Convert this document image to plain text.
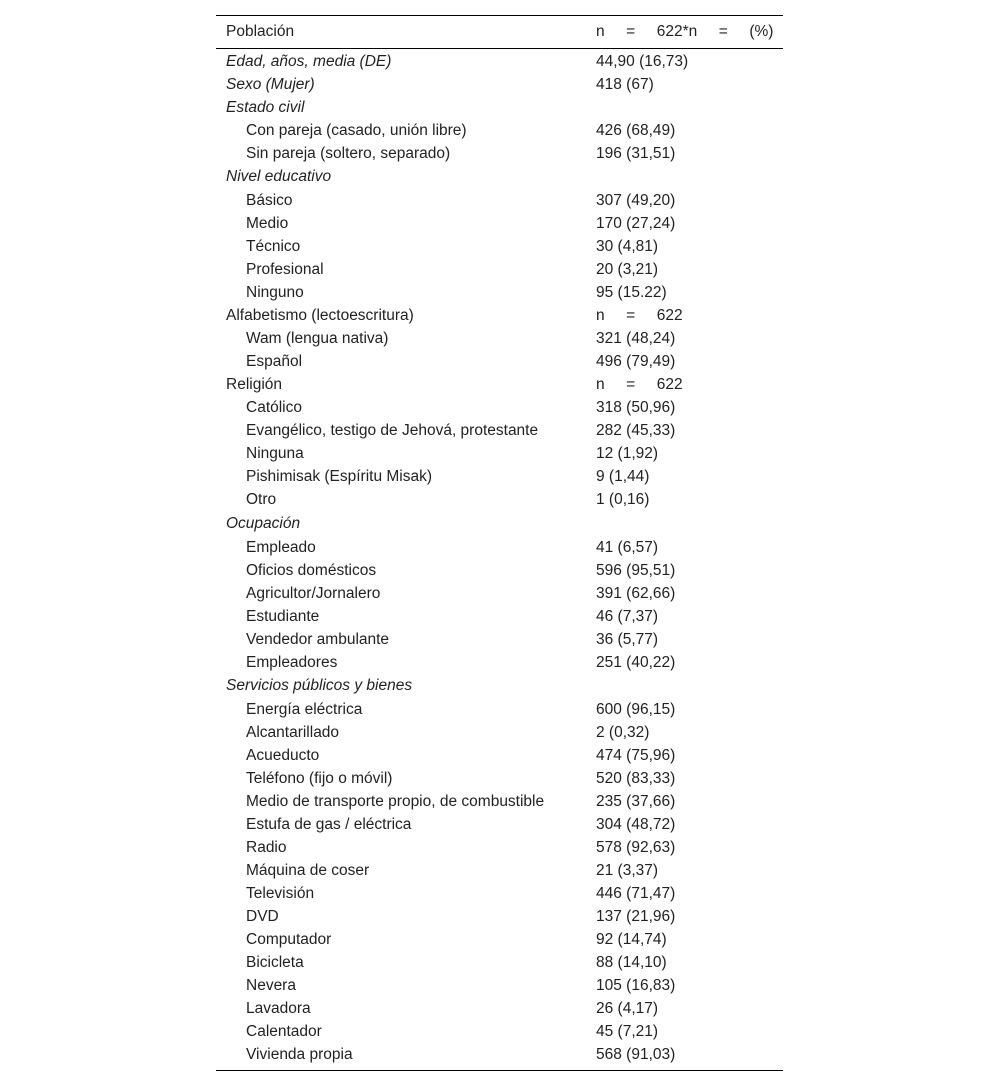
Población	n     =     622*n     =     (%)
Edad, años, media (DE)	44,90 (16,73)
Sexo (Mujer)	418 (67)
Estado civil
Con pareja (casado, unión libre)	426 (68,49)
Sin pareja (soltero, separado)	196 (31,51)
Nivel educativo
Básico	307 (49,20)
Medio	170 (27,24)
Técnico	30 (4,81)
Profesional	20 (3,21)
Ninguno	95 (15.22)
Alfabetismo (lectoescritura)	n     =     622
Wam (lengua nativa)	321 (48,24)
Español	496 (79,49)
Religión	n     =     622
Católico	318 (50,96)
Evangélico, testigo de Jehová, protestante	282 (45,33)
Ninguna	12 (1,92)
Pishimisak (Espíritu Misak)	9 (1,44)
Otro	1 (0,16)
Ocupación
Empleado	41 (6,57)
Oficios domésticos	596 (95,51)
Agricultor/Jornalero	391 (62,66)
Estudiante	46 (7,37)
Vendedor ambulante	36 (5,77)
Empleadores	251 (40,22)
Servicios públicos y bienes
Energía eléctrica	600 (96,15)
Alcantarillado	2 (0,32)
Acueducto	474 (75,96)
Teléfono (fijo o móvil)	520 (83,33)
Medio de transporte propio, de combustible	235 (37,66)
Estufa de gas / eléctrica	304 (48,72)
Radio	578 (92,63)
Máquina de coser	21 (3,37)
Televisión	446 (71,47)
DVD	137 (21,96)
Computador	92 (14,74)
Bicicleta	88 (14,10)
Nevera	105 (16,83)
Lavadora	26 (4,17)
Calentador	45 (7,21)
Vivienda propia	568 (91,03)
